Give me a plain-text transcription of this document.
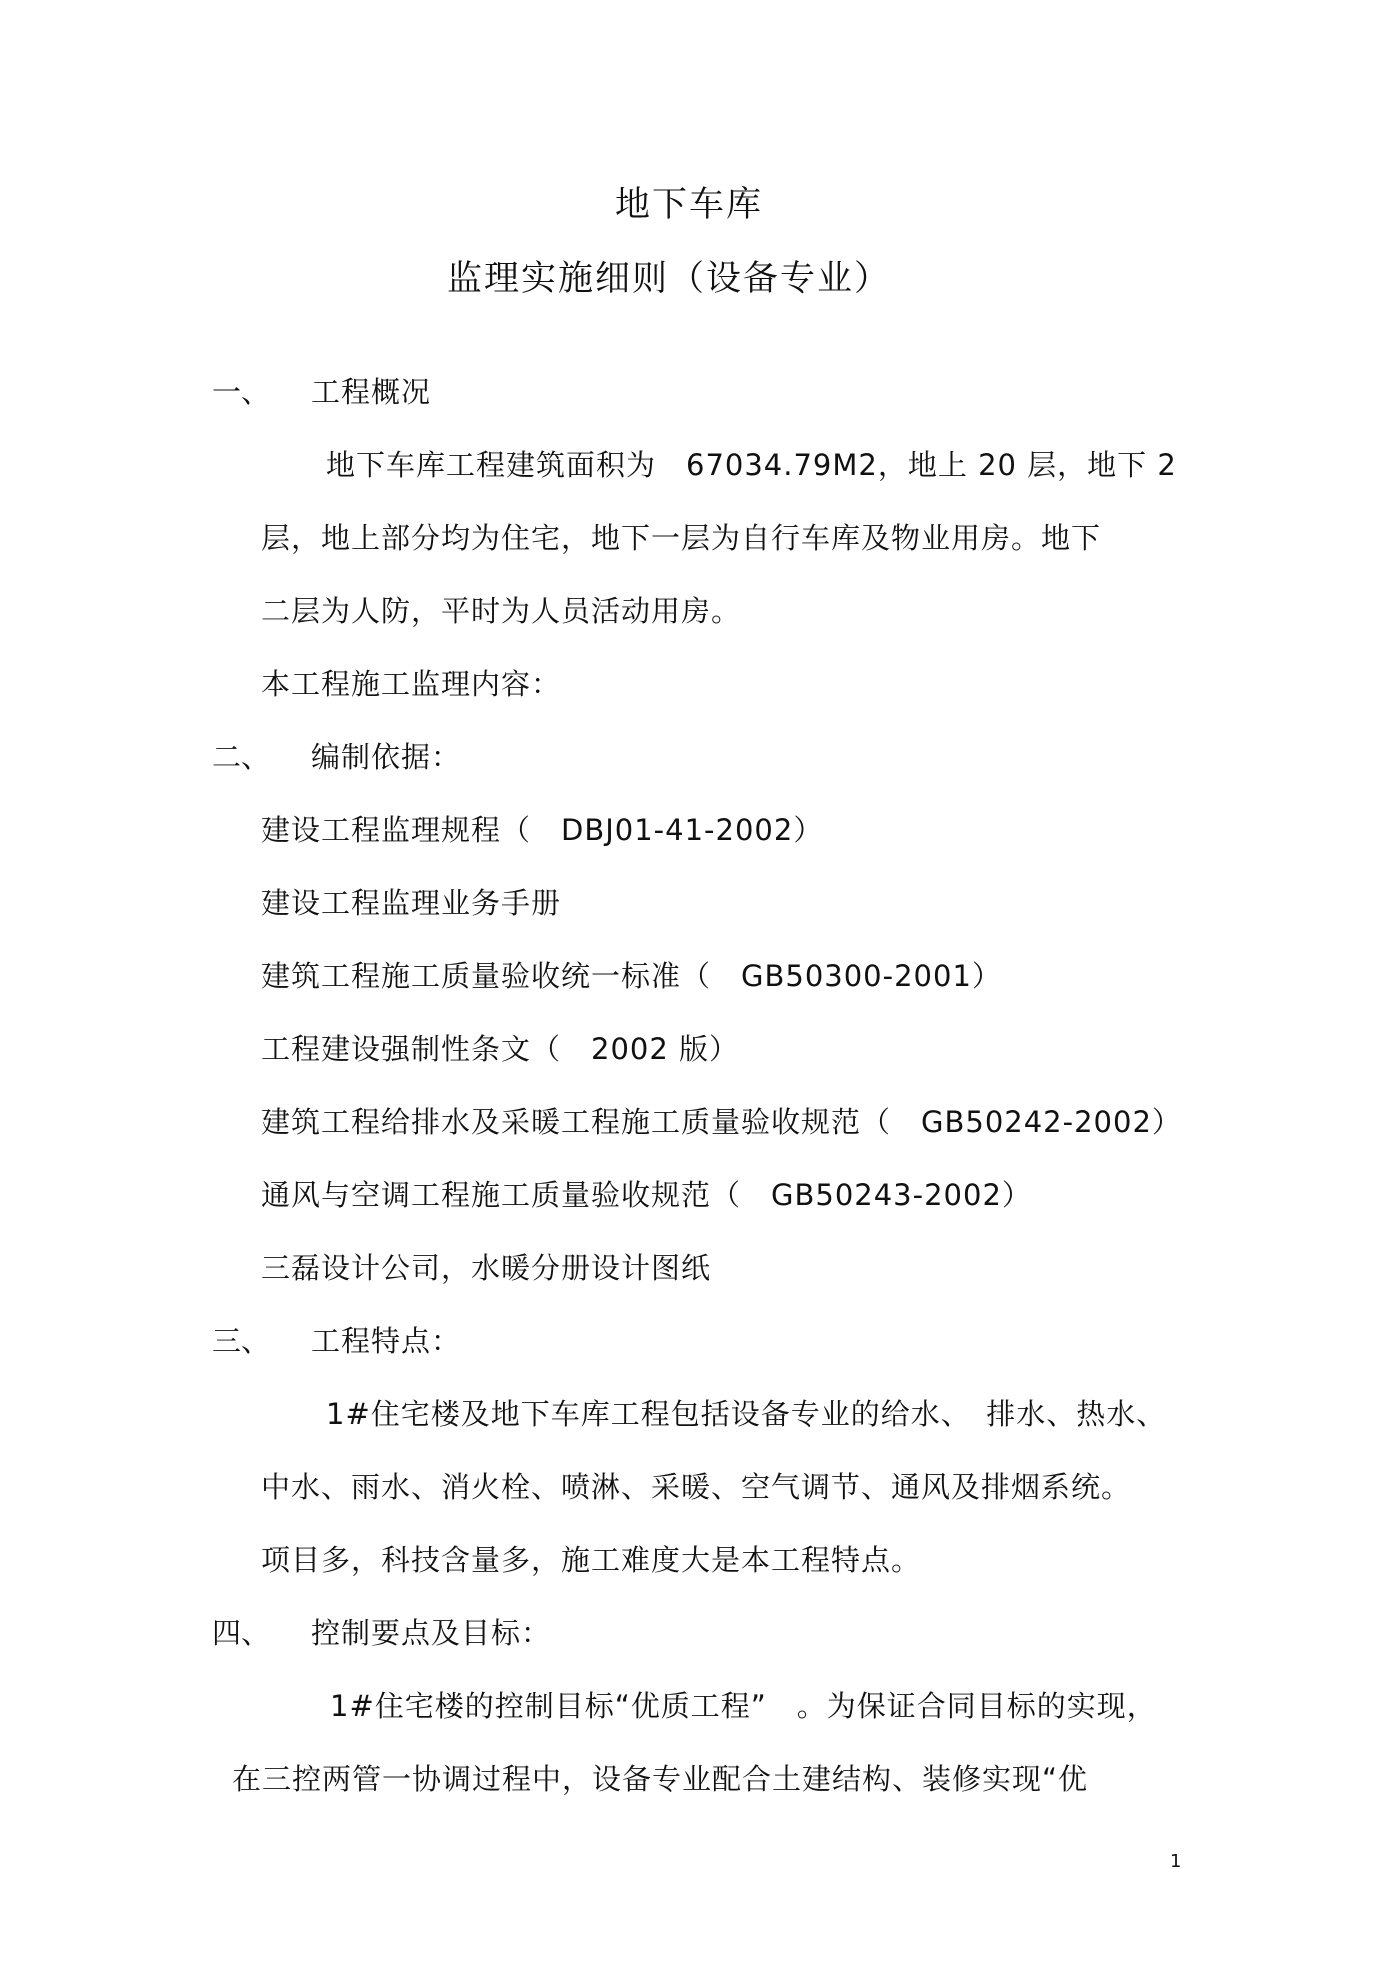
地下车库
监理实施细则（设备专业）
一、 工程概况
地下车库工程建筑面积为　67034.79M2，地上 20 层，地下 2
层，地上部分均为住宅，地下一层为自行车库及物业用房。地下
二层为人防，平时为人员活动用房。
本工程施工监理内容：
二、 编制依据：
建设工程监理规程（　DBJ01-41-2002）
建设工程监理业务手册
建筑工程施工质量验收统一标准（　GB50300-2001）
工程建设强制性条文（　2002 版）
建筑工程给排水及采暖工程施工质量验收规范（　GB50242-2002）
通风与空调工程施工质量验收规范（　GB50243-2002）
三磊设计公司，水暖分册设计图纸
三、 工程特点：
1#住宅楼及地下车库工程包括设备专业的给水、　排水、热水、
中水、雨水、消火栓、喷淋、采暖、空气调节、通风及排烟系统。
项目多，科技含量多，施工难度大是本工程特点。
四、 控制要点及目标：
1#住宅楼的控制目标“优质工程”　。为保证合同目标的实现，
在三控两管一协调过程中，设备专业配合土建结构、装修实现“优
1
